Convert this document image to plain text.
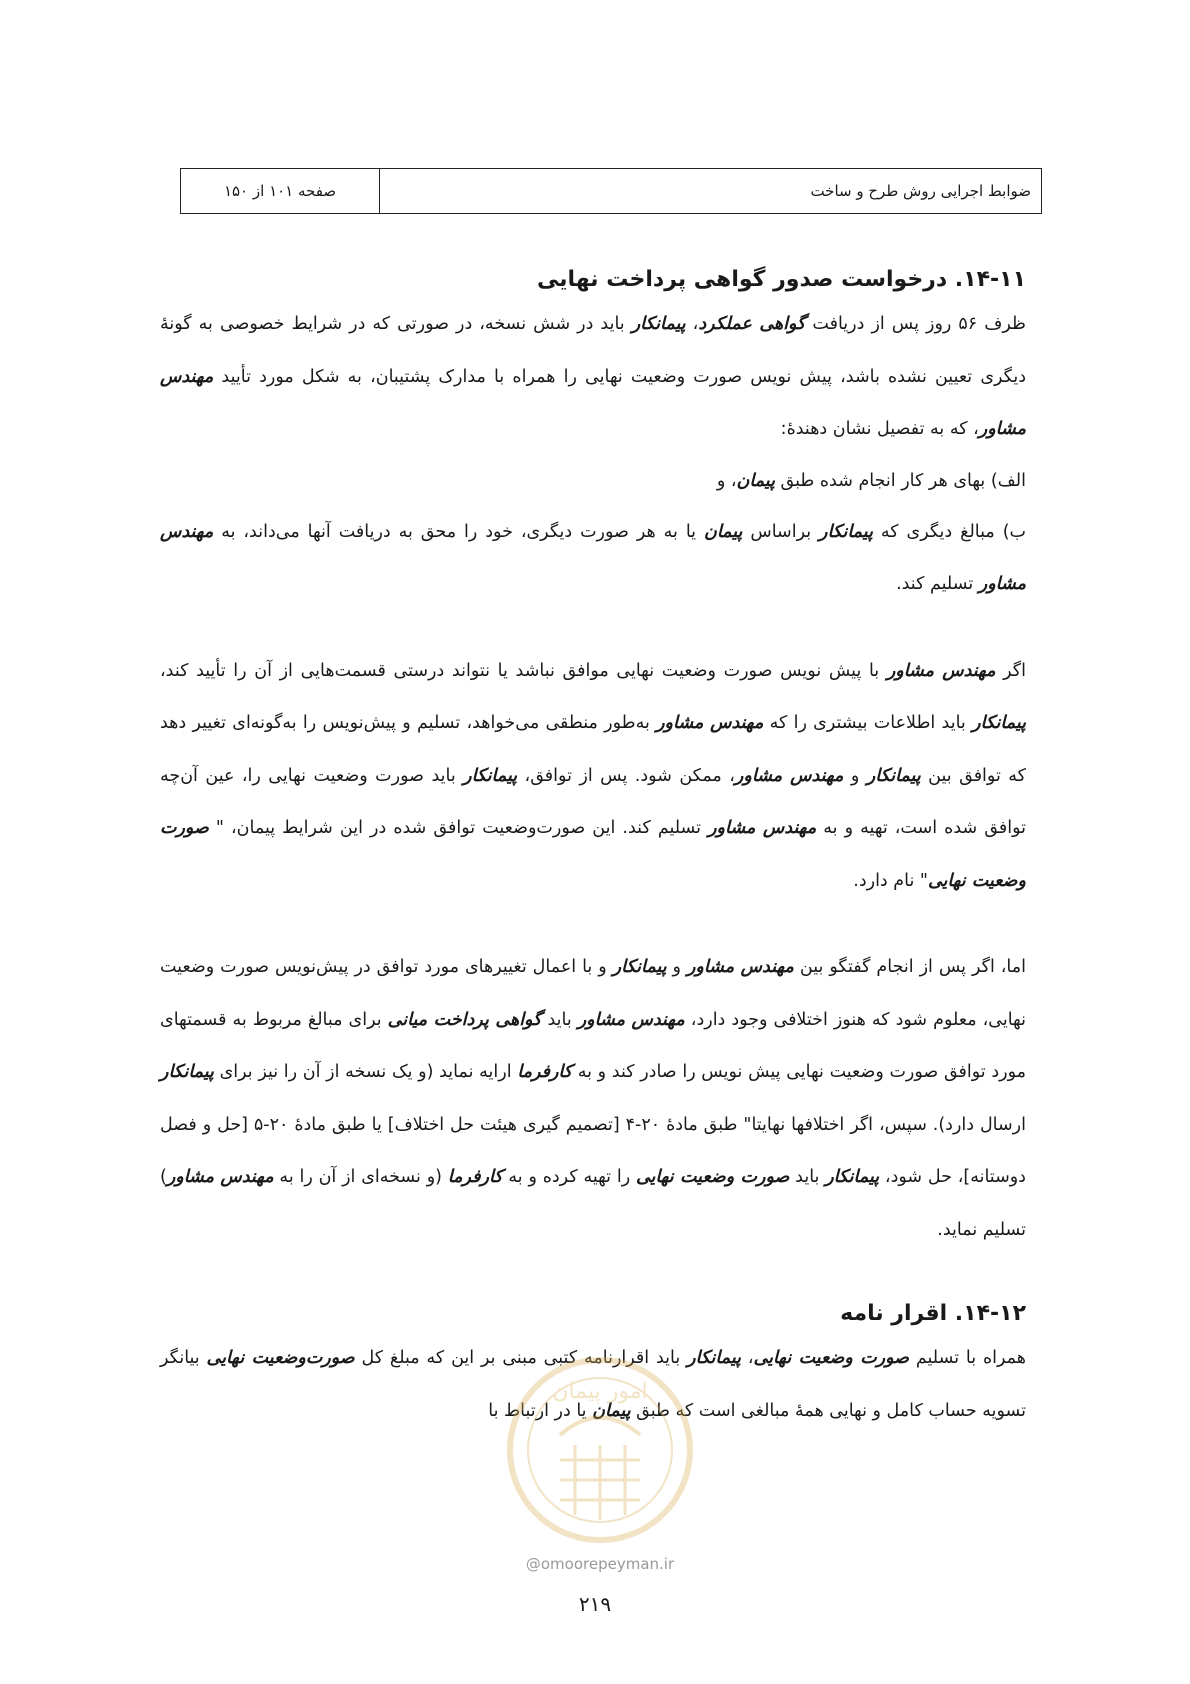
ضوابط اجرایی روش طرح و ساخت
صفحه ۱۰۱ از ۱۵۰
۱۴-۱۱. درخواست صدور گواهی پرداخت نهایی

ظرف ۵۶ روز پس از دریافت گواهی عملکرد، پیمانکار باید در شش نسخه، در صورتی که در شرایط خصوصی به گونهٔ دیگری تعیین نشده باشد، پیش نویس صورت وضعیت نهایی را همراه با مدارک پشتیبان، به شکل مورد تأیید مهندس مشاور، که به تفصیل نشان دهندهٔ:

الف) بهای هر کار انجام شده طبق پیمان، و

ب) مبالغ دیگری که پیمانکار براساس پیمان یا به هر صورت دیگری، خود را محق به دریافت آنها می‌داند، به مهندس مشاور تسلیم کند.

اگر مهندس مشاور با پیش نویس صورت وضعیت نهایی موافق نباشد یا نتواند درستی قسمت‌هایی از آن را تأیید کند، پیمانکار باید اطلاعات بیشتری را که مهندس مشاور به‌طور منطقی می‌خواهد، تسلیم و پیش‌نویس را به‌گونه‌ای تغییر دهد که توافق بین پیمانکار و مهندس مشاور، ممکن شود. پس از توافق، پیمانکار باید صورت وضعیت نهایی را، عین آن‌چه توافق شده است، تهیه و به مهندس مشاور تسلیم کند. این صورت‌وضعیت توافق شده در این شرایط پیمان، " صورت وضعیت نهایی" نام دارد.

اما، اگر پس از انجام گفتگو بین مهندس مشاور و پیمانکار و با اعمال تغییرهای مورد توافق در پیش‌نویس صورت وضعیت نهایی، معلوم شود که هنوز اختلافی وجود دارد، مهندس مشاور باید گواهی پرداخت میانی برای مبالغ مربوط به قسمتهای مورد توافق صورت وضعیت نهایی پیش نویس را صادر کند و به کارفرما ارایه نماید (و یک نسخه از آن را نیز برای پیمانکار ارسال دارد). سپس، اگر اختلافها نهایتا" طبق مادهٔ ۲۰-۴ [تصمیم گیری هیئت حل اختلاف] یا طبق مادهٔ ۲۰-۵ [حل و فصل دوستانه]، حل شود، پیمانکار باید صورت وضعیت نهایی را تهیه کرده و به کارفرما (و نسخه‌ای از آن را به مهندس مشاور) تسلیم نماید.

۱۴-۱۲. اقرار نامه

همراه با تسلیم صورت وضعیت نهایی، پیمانکار باید اقرارنامه کتبی مبنی بر این که مبلغ کل صورت‌وضعیت نهایی بیانگر تسویه حساب کامل و نهایی همهٔ مبالغی است که طبق پیمان یا در ارتباط با

امور پیمان
@omoorepeyman.ir
۲۱۹
